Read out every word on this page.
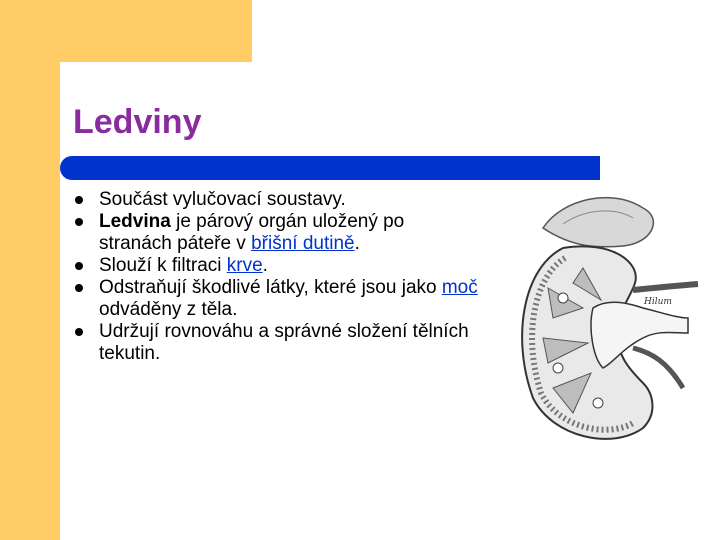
Ledviny
Součást vylučovací soustavy.
Ledvina je párový orgán uložený po stranách páteře v břišní dutině.
Slouží k filtraci krve.
Odstraňují škodlivé látky, které jsou jako moč odváděny z těla.
Udržují rovnováhu a správné složení tělních tekutin.
Hilum
